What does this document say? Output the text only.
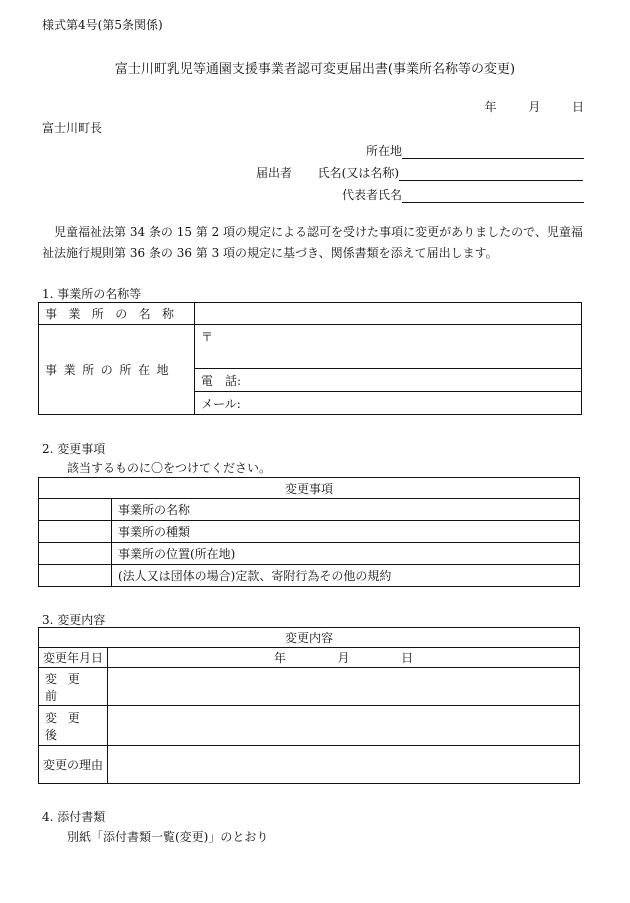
様式第4号(第5条関係)
富士川町乳児等通園支援事業者認可変更届出書(事業所名称等の変更)
年	月	日
富士川町長
所在地
届出者 氏名(又は名称)
代表者氏名
児童福祉法第 34 条の 15 第 2 項の規定による認可を受けた事項に変更がありましたので、児童福祉法施行規則第 36 条の 36 第 3 項の規定に基づき、関係書類を添えて届出します。
1. 事業所の名称等
事業所の名称	
事業所の所在地	〒
	電　話:
	メール:
2. 変更事項
該当するものに〇をつけてください。
変更事項	
	事業所の名称
	事業所の種類
	事業所の位置(所在地)
	(法人又は団体の場合)定款、寄附行為その他の規約
3. 変更内容
変更内容	
変更年月日	年 月 日
変更前	
変更後	
変更の理由	
4. 添付書類
別紙「添付書類一覧(変更)」のとおり
